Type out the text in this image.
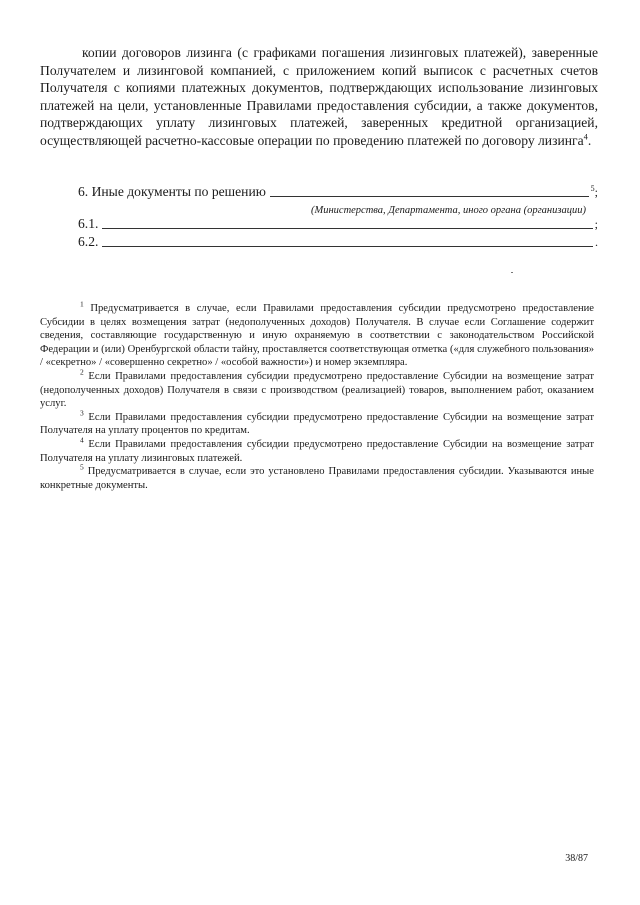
копии договоров лизинга (с графиками погашения лизинговых платежей), заверенные Получателем и лизинговой компанией, с приложением копий выписок с расчетных счетов Получателя с копиями платежных документов, подтверждающих использование лизинговых платежей на цели, установленные Правилами предоставления субсидии, а также документов, подтверждающих уплату лизинговых платежей, заверенных кредитной организацией, осуществляющей расчетно-кассовые операции по проведению платежей по договору лизинга$^4$.

6. Иные документы по решению	$^5$;
(Министерства, Департамента, иного органа (организации)
6.1.	;
6.2.	.

$^1$ Предусматривается в случае, если Правилами предоставления субсидии предусмотрено предоставление Субсидии в целях возмещения затрат (недополученных доходов) Получателя. В случае если Соглашение содержит сведения, составляющие государственную и иную охраняемую в соответствии с законодательством Российской Федерации и (или) Оренбургской области тайну, проставляется соответствующая отметка («для служебного пользования» / «секретно» / «совершенно секретно» / «особой важности») и номер экземпляра.

$^2$ Если Правилами предоставления субсидии предусмотрено предоставление Субсидии на возмещение затрат (недополученных доходов) Получателя в связи с производством (реализацией) товаров, выполнением работ, оказанием услуг.

$^3$ Если Правилами предоставления субсидии предусмотрено предоставление Субсидии на возмещение затрат Получателя на уплату процентов по кредитам.

$^4$ Если Правилами предоставления субсидии предусмотрено предоставление Субсидии на возмещение затрат Получателя на уплату лизинговых платежей.

$^5$ Предусматривается в случае, если это установлено Правилами предоставления субсидии. Указываются иные конкретные документы.

38/87
